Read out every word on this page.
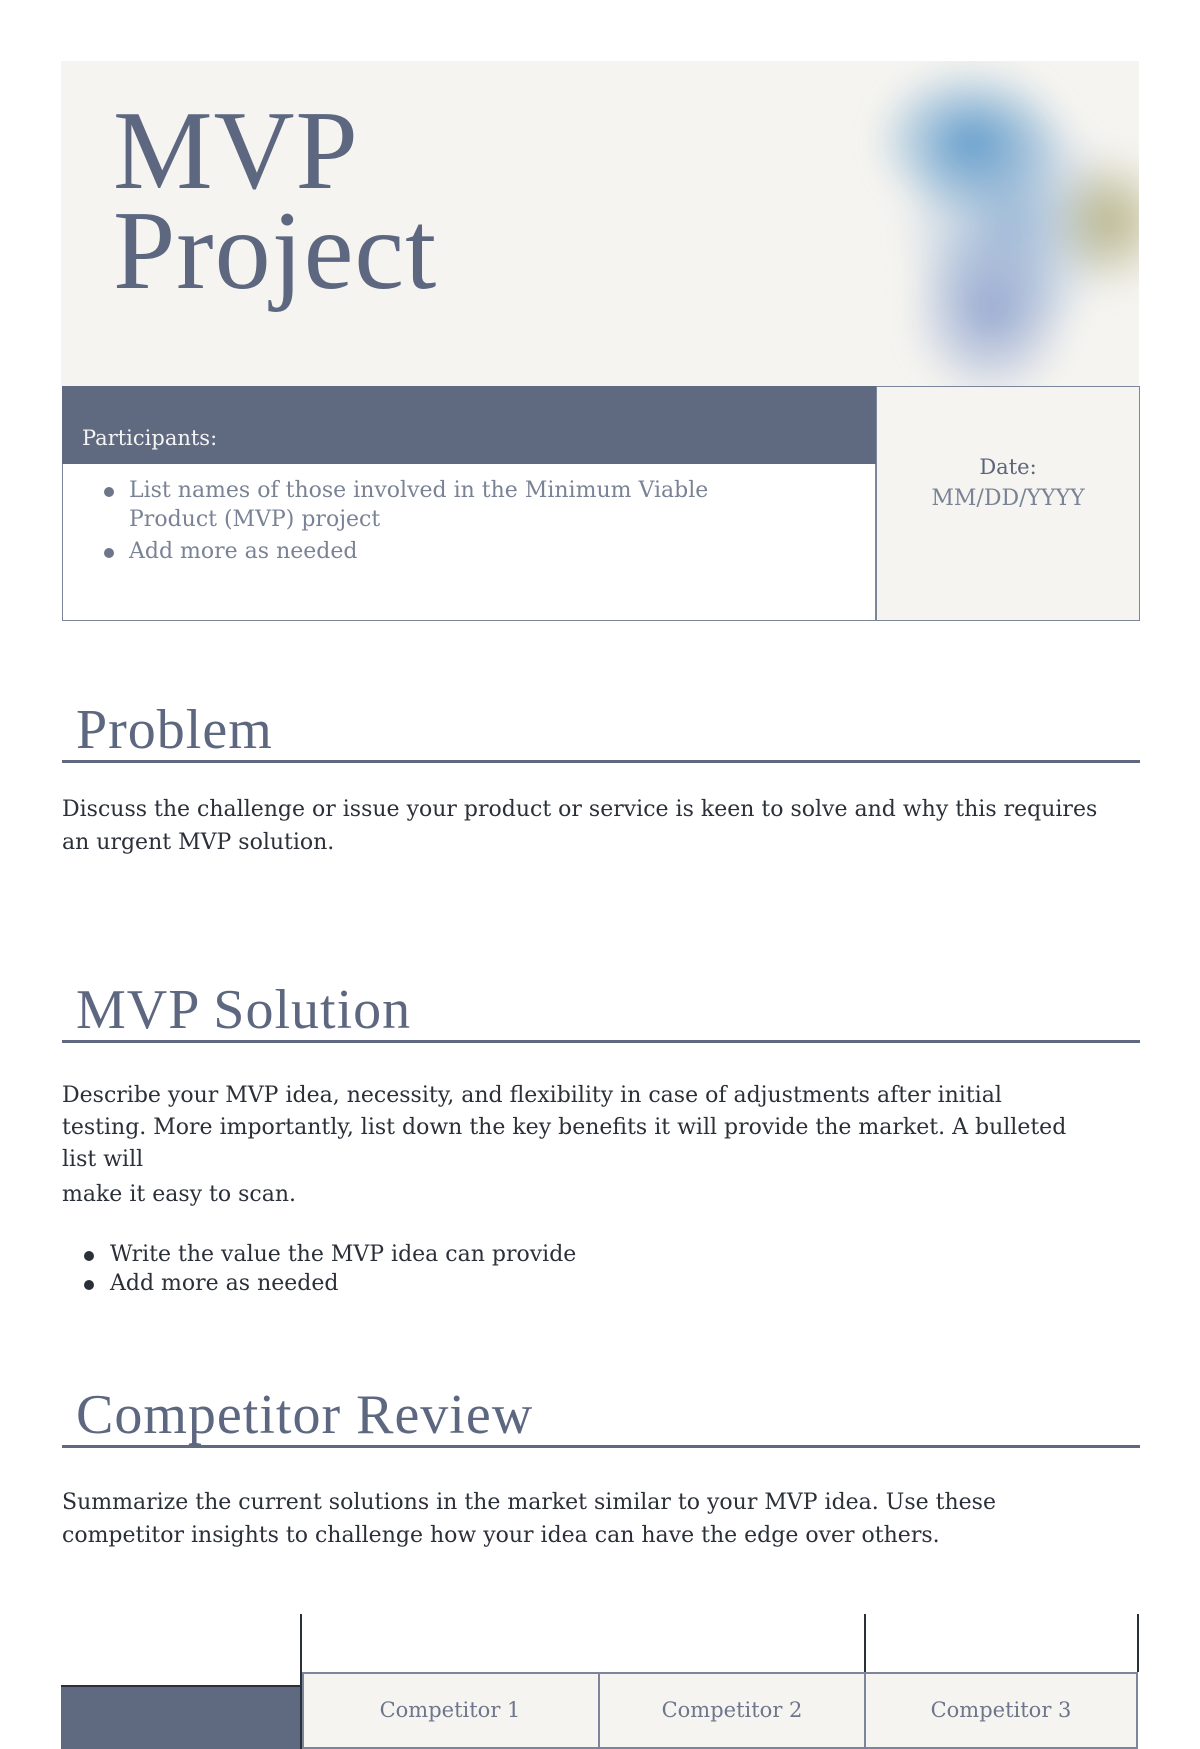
MVP
Project
Participants:
List names of those involved in the Minimum Viable Product (MVP) project
Add more as needed
Date:
MM/DD/YYYY
Problem

Discuss the challenge or issue your product or service is keen to solve and why this requires

an urgent MVP solution.

MVP Solution

Describe your MVP idea, necessity, and flexibility in case of adjustments after initial testing. More importantly, list down the key benefits it will provide the market. A bulleted list will

make it easy to scan.

Write the value the MVP idea can provide
Add more as needed
Competitor Review
Summarize the current solutions in the market similar to your MVP idea. Use these competitor insights to challenge how your idea can have the edge over others.
Competitor 1	Competitor 2	Competitor 3
